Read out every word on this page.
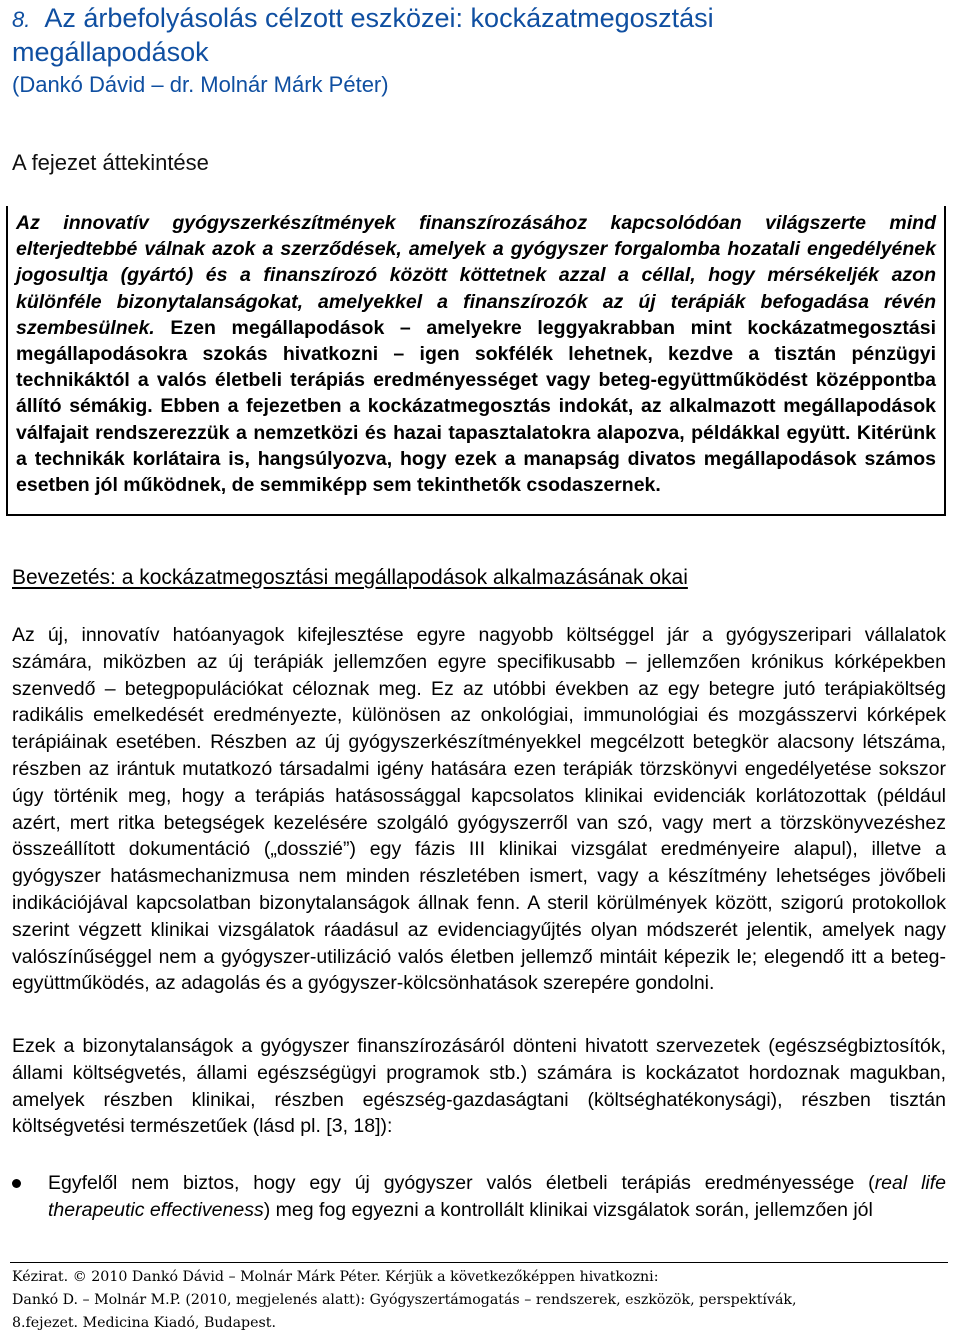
8. Az árbefolyásolás célzott eszközei: kockázatmegosztási
megállapodások
(Dankó Dávid – dr. Molnár Márk Péter)
A fejezet áttekintése

Az innovatív gyógyszerkészítmények finanszírozásához kapcsolódóan világszerte mind elterjedtebbé válnak azok a szerződések, amelyek a gyógyszer forgalomba hozatali engedélyének jogosultja (gyártó) és a finanszírozó között köttetnek azzal a céllal, hogy mérsékeljék azon különféle bizonytalanságokat, amelyekkel a finanszírozók az új terápiák befogadása révén szembesülnek. Ezen megállapodások – amelyekre leggyakrabban mint kockázatmegosztási megállapodásokra szokás hivatkozni – igen sokfélék lehetnek, kezdve a tisztán pénzügyi technikáktól a valós életbeli terápiás eredményességet vagy beteg-együttműködést középpontba állító sémákig. Ebben a fejezetben a kockázatmegosztás indokát, az alkalmazott megállapodások válfajait rendszerezzük a nemzetközi és hazai tapasztalatokra alapozva, példákkal együtt. Kitérünk a technikák korlátaira is, hangsúlyozva, hogy ezek a manapság divatos megállapodások számos esetben jól működnek, de semmiképp sem tekinthetők csodaszernek.

Bevezetés: a kockázatmegosztási megállapodások alkalmazásának okai

Az új, innovatív hatóanyagok kifejlesztése egyre nagyobb költséggel jár a gyógyszeripari vállalatok számára, miközben az új terápiák jellemzően egyre specifikusabb – jellemzően krónikus kórképekben szenvedő – betegpopulációkat céloznak meg. Ez az utóbbi években az egy betegre jutó terápiaköltség radikális emelkedését eredményezte, különösen az onkológiai, immunológiai és mozgásszervi kórképek terápiáinak esetében. Részben az új gyógyszerkészítményekkel megcélzott betegkör alacsony létszáma, részben az irántuk mutatkozó társadalmi igény hatására ezen terápiák törzskönyvi engedélyetése sokszor úgy történik meg, hogy a terápiás hatásossággal kapcsolatos klinikai evidenciák korlátozottak (például azért, mert ritka betegségek kezelésére szolgáló gyógyszerről van szó, vagy mert a törzskönyvezéshez összeállított dokumentáció („dosszié”) egy fázis III klinikai vizsgálat eredményeire alapul), illetve a gyógyszer hatásmechanizmusa nem minden részletében ismert, vagy a készítmény lehetséges jövőbeli indikációjával kapcsolatban bizonytalanságok állnak fenn. A steril körülmények között, szigorú protokollok szerint végzett klinikai vizsgálatok ráadásul az evidenciagyűjtés olyan módszerét jelentik, amelyek nagy valószínűséggel nem a gyógyszer-utilizáció valós életben jellemző mintáit képezik le; elegendő itt a beteg-együttműködés, az adagolás és a gyógyszer-kölcsönhatások szerepére gondolni.

Ezek a bizonytalanságok a gyógyszer finanszírozásáról dönteni hivatott szervezetek (egészségbiztosítók, állami költségvetés, állami egészségügyi programok stb.) számára is kockázatot hordoznak magukban, amelyek részben klinikai, részben egészség-gazdaságtani (költséghatékonysági), részben tisztán költségvetési természetűek (lásd pl. [3, 18]):

Egyfelől nem biztos, hogy egy új gyógyszer valós életbeli terápiás eredményessége (real life therapeutic effectiveness) meg fog egyezni a kontrollált klinikai vizsgálatok során, jellemzően jól
Kézirat. © 2010 Dankó Dávid – Molnár Márk Péter. Kérjük a következőképpen hivatkozni:
Dankó D. – Molnár M.P. (2010, megjelenés alatt): Gyógyszertámogatás – rendszerek, eszközök, perspektívák,
8.fejezet. Medicina Kiadó, Budapest.
